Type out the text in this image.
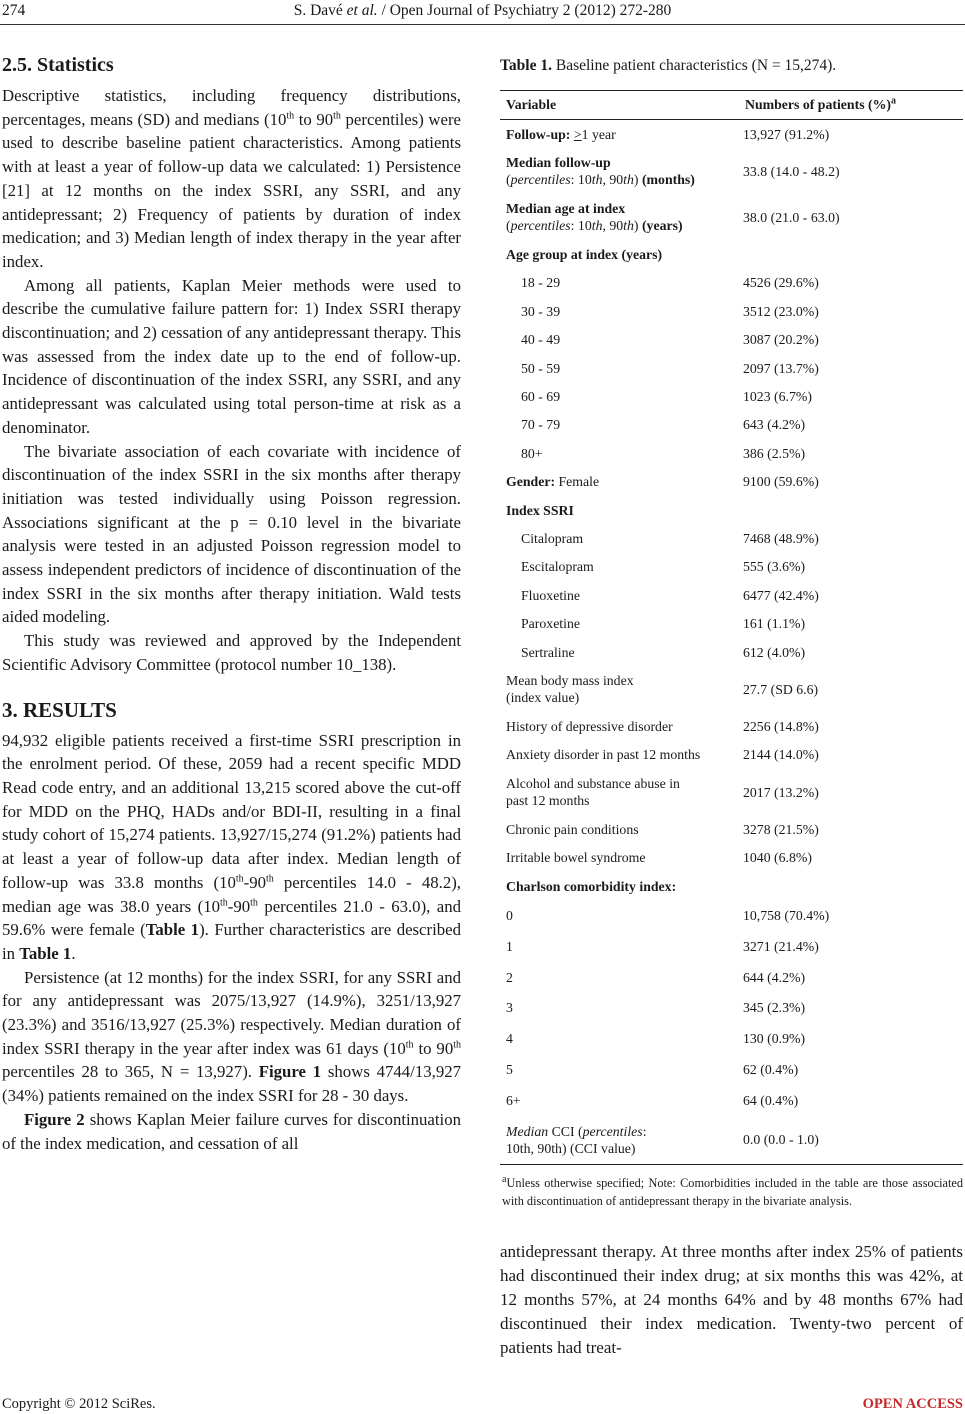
274	S. Davé et al. / Open Journal of Psychiatry 2 (2012) 272-280
2.5. Statistics

Descriptive statistics, including frequency distributions, percentages, means (SD) and medians (10th to 90th percentiles) were used to describe baseline patient characteristics. Among patients with at least a year of follow-up data we calculated: 1) Persistence [21] at 12 months on the index SSRI, any SSRI, and any antidepressant; 2) Frequency of patients by duration of index medication; and 3) Median length of index therapy in the year after index.

Among all patients, Kaplan Meier methods were used to describe the cumulative failure pattern for: 1) Index SSRI therapy discontinuation; and 2) cessation of any antidepressant therapy. This was assessed from the index date up to the end of follow-up. Incidence of discontinuation of the index SSRI, any SSRI, and any antidepressant was calculated using total person-time at risk as a denominator.

The bivariate association of each covariate with incidence of discontinuation of the index SSRI in the six months after therapy initiation was tested individually using Poisson regression. Associations significant at the p = 0.10 level in the bivariate analysis were tested in an adjusted Poisson regression model to assess independent predictors of incidence of discontinuation of the index SSRI in the six months after therapy initiation. Wald tests aided modeling.

This study was reviewed and approved by the Independent Scientific Advisory Committee (protocol number 10_138).

3. RESULTS

94,932 eligible patients received a first-time SSRI prescription in the enrolment period. Of these, 2059 had a recent specific MDD Read code entry, and an additional 13,215 scored above the cut-off for MDD on the PHQ, HADs and/or BDI-II, resulting in a final study cohort of 15,274 patients. 13,927/15,274 (91.2%) patients had at least a year of follow-up data after index. Median length of follow-up was 33.8 months (10th-90th percentiles 14.0 - 48.2), median age was 38.0 years (10th-90th percentiles 21.0 - 63.0), and 59.6% were female (Table 1). Further characteristics are described in Table 1.

Persistence (at 12 months) for the index SSRI, for any SSRI and for any antidepressant was 2075/13,927 (14.9%), 3251/13,927 (23.3%) and 3516/13,927 (25.3%) respectively. Median duration of index SSRI therapy in the year after index was 61 days (10th to 90th percentiles 28 to 365, N = 13,927). Figure 1 shows 4744/13,927 (34%) patients remained on the index SSRI for 28 - 30 days.

Figure 2 shows Kaplan Meier failure curves for discontinuation of the index medication, and cessation of all

Table 1. Baseline patient characteristics (N = 15,274).
Variable	Numbers of patients (%)$^a$
Follow-up: >1 year	13,927 (91.2%)
Median follow-up
(percentiles: 10th, 90th) (months)	33.8 (14.0 - 48.2)
Median age at index
(percentiles: 10th, 90th) (years)	38.0 (21.0 - 63.0)
Age group at index (years)	
18 - 29	4526 (29.6%)
30 - 39	3512 (23.0%)
40 - 49	3087 (20.2%)
50 - 59	2097 (13.7%)
60 - 69	1023 (6.7%)
70 - 79	643 (4.2%)
80+	386 (2.5%)
Gender: Female	9100 (59.6%)
Index SSRI	
Citalopram	7468 (48.9%)
Escitalopram	555 (3.6%)
Fluoxetine	6477 (42.4%)
Paroxetine	161 (1.1%)
Sertraline	612 (4.0%)
Mean body mass index
(index value)	27.7 (SD 6.6)
History of depressive disorder	2256 (14.8%)
Anxiety disorder in past 12 months	2144 (14.0%)
Alcohol and substance abuse in
past 12 months	2017 (13.2%)
Chronic pain conditions	3278 (21.5%)
Irritable bowel syndrome	1040 (6.8%)
Charlson comorbidity index:	
0	10,758 (70.4%)
1	3271 (21.4%)
2	644 (4.2%)
3	345 (2.3%)
4	130 (0.9%)
5	62 (0.4%)
6+	64 (0.4%)
Median CCI (percentiles:
10th, 90th) (CCI value)	0.0 (0.0 - 1.0)
$^a$Unless otherwise specified; Note: Comorbidities included in the table are those associated with discontinuation of antidepressant therapy in the bivariate analysis.

antidepressant therapy. At three months after index 25% of patients had discontinued their index drug; at six months this was 42%, at 12 months 57%, at 24 months 64% and by 48 months 67% had discontinued their index medication. Twenty-two percent of patients had treat-

Copyright © 2012 SciRes.	OPEN ACCESS
